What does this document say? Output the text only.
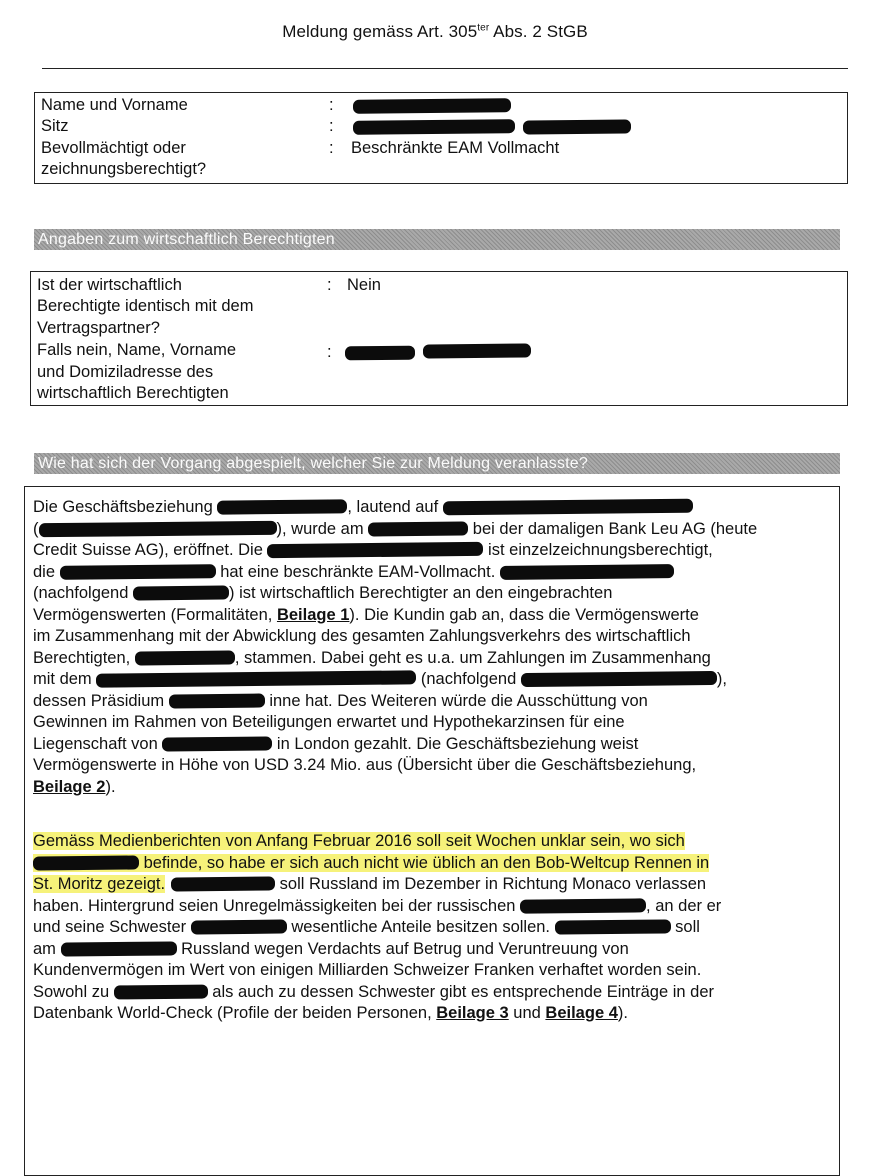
Meldung gemäss Art. $305^{ter}$ Abs. 2 StGB
Name und Vorname	:
Sitz	:
Bevollmächtigt oder	: Beschränkte EAM Vollmacht
zeichnungsberechtigt?
Angaben zum wirtschaftlich Berechtigten
Ist der wirtschaftlich	: Nein
Berechtigte identisch mit dem
Vertragspartner?
Falls nein, Name, Vorname	:
und Domiziladresse des
wirtschaftlich Berechtigten
Wie hat sich der Vorgang abgespielt, welcher Sie zur Meldung veranlasste?
Die Geschäftsbeziehung	, lautend auf
(	), wurde am	bei der damaligen Bank Leu AG (heute
Credit Suisse AG), eröffnet. Die	ist einzelzeichnungsberechtigt,
die	hat eine beschränkte EAM-Vollmacht.
(nachfolgend	) ist wirtschaftlich Berechtigter an den eingebrachten
Vermögenswerten (Formalitäten, Beilage 1). Die Kundin gab an, dass die Vermögenswerte
im Zusammenhang mit der Abwicklung des gesamten Zahlungsverkehrs des wirtschaftlich
Berechtigten,	, stammen. Dabei geht es u.a. um Zahlungen im Zusammenhang
mit dem	(nachfolgend	),
dessen Präsidium	inne hat. Des Weiteren würde die Ausschüttung von
Gewinnen im Rahmen von Beteiligungen erwartet und Hypothekarzinsen für eine
Liegenschaft von	in London gezahlt. Die Geschäftsbeziehung weist
Vermögenswerte in Höhe von USD 3.24 Mio. aus (Übersicht über die Geschäftsbeziehung,
Beilage 2).
Gemäss Medienberichten von Anfang Februar 2016 soll seit Wochen unklar sein, wo sich
befinde, so habe er sich auch nicht wie üblich an den Bob-Weltcup Rennen in
St. Moritz gezeigt.	soll Russland im Dezember in Richtung Monaco verlassen
haben. Hintergrund seien Unregelmässigkeiten bei der russischen	, an der er
und seine Schwester	wesentliche Anteile besitzen sollen.	soll
am	Russland wegen Verdachts auf Betrug und Veruntreuung von
Kundenvermögen im Wert von einigen Milliarden Schweizer Franken verhaftet worden sein.
Sowohl zu	als auch zu dessen Schwester gibt es entsprechende Einträge in der
Datenbank World-Check (Profile der beiden Personen, Beilage 3 und Beilage 4).
